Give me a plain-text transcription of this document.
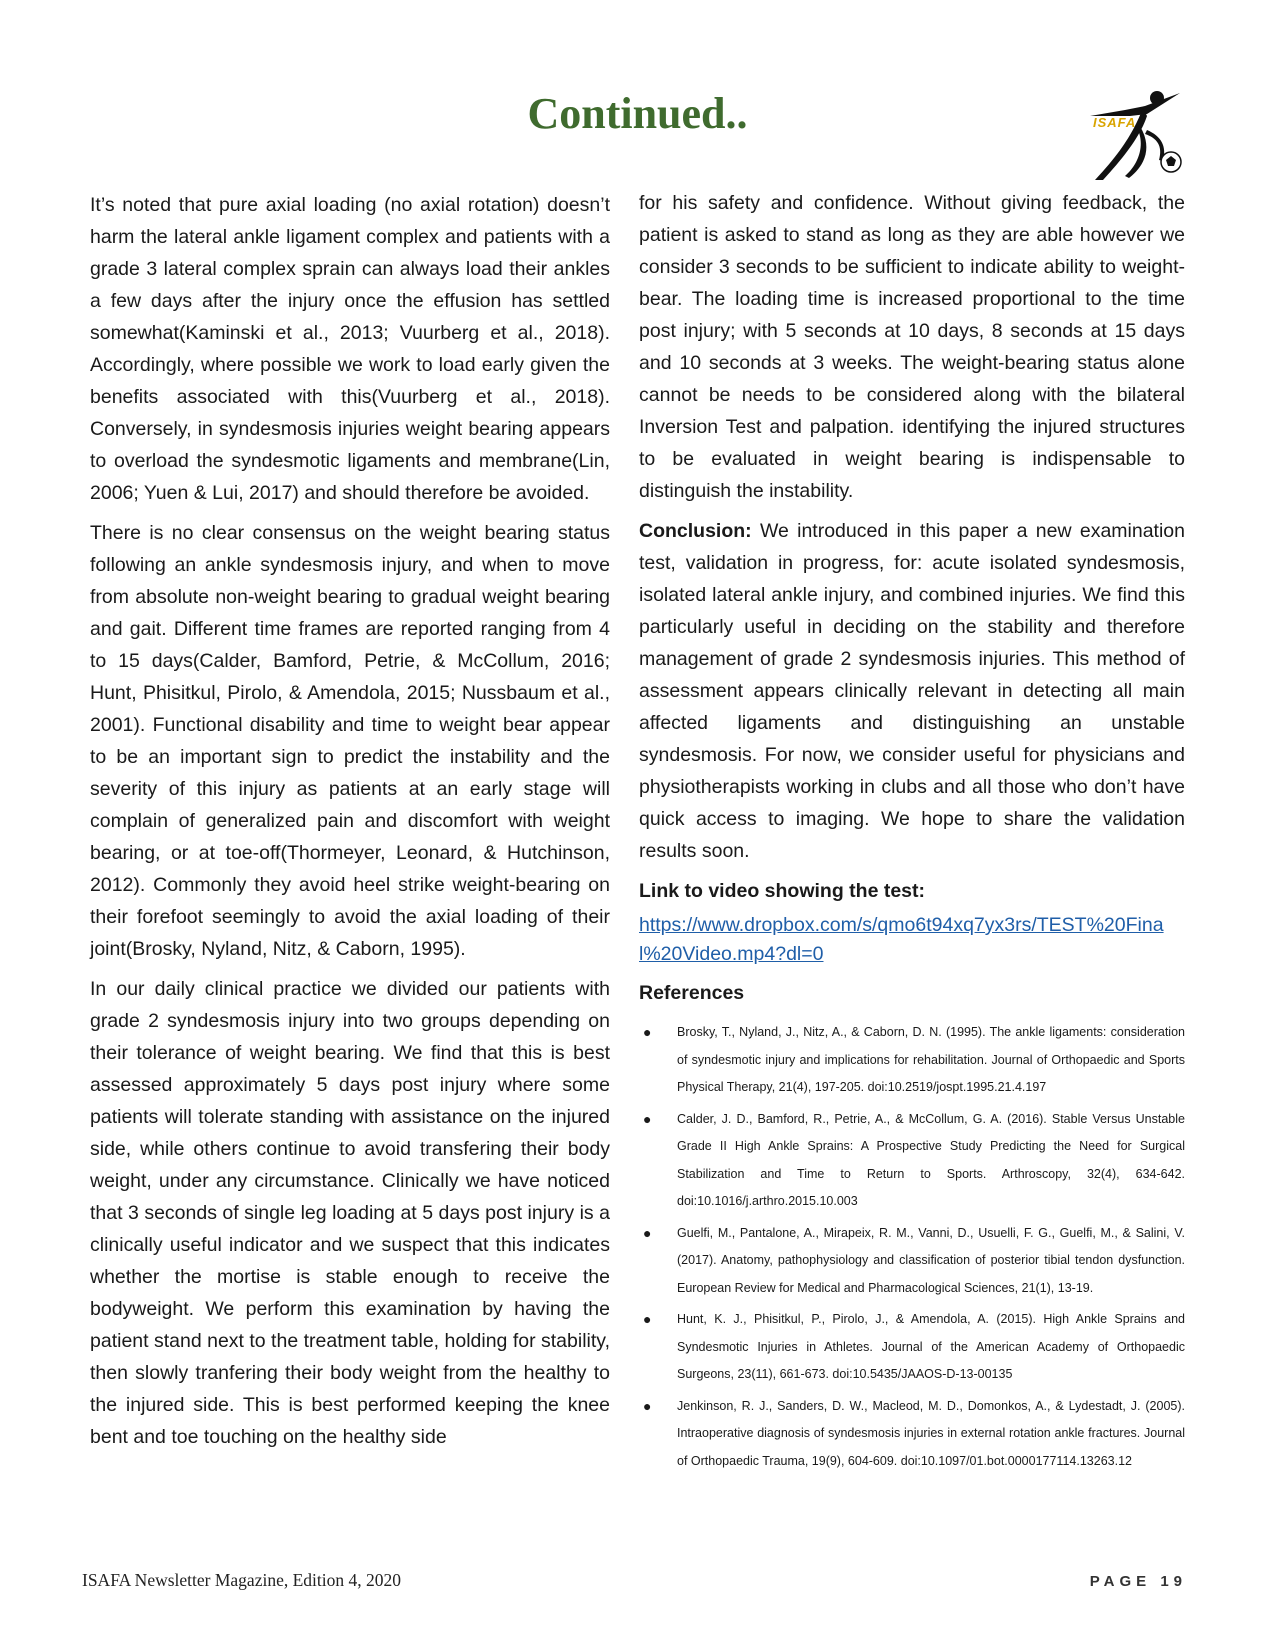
Continued..	ISAFA

It’s noted that pure axial loading (no axial rotation) doesn’t harm the lateral ankle ligament complex and patients with a grade 3 lateral complex sprain can always load their ankles a few days after the injury once the effusion has settled somewhat(Kaminski et al., 2013; Vuurberg et al., 2018). Accordingly, where possible we work to load early given the benefits associated with this(Vuurberg et al., 2018). Conversely, in syndesmosis injuries weight bearing appears to overload the syndesmotic ligaments and membrane(Lin, 2006; Yuen & Lui, 2017) and should therefore be avoided.

There is no clear consensus on the weight bearing status following an ankle syndesmosis injury, and when to move from absolute non-weight bearing to gradual weight bearing and gait. Different time frames are reported ranging from 4 to 15 days(Calder, Bamford, Petrie, & McCollum, 2016; Hunt, Phisitkul, Pirolo, & Amendola, 2015; Nussbaum et al., 2001). Functional disability and time to weight bear appear to be an important sign to predict the instability and the severity of this injury as patients at an early stage will complain of generalized pain and discomfort with weight bearing, or at toe-off(Thormeyer, Leonard, & Hutchinson, 2012). Commonly they avoid heel strike weight-bearing on their forefoot seemingly to avoid the axial loading of their joint(Brosky, Nyland, Nitz, & Caborn, 1995).

In our daily clinical practice we divided our patients with grade 2 syndesmosis injury into two groups depending on their tolerance of weight bearing. We find that this is best assessed approximately 5 days post injury where some patients will tolerate standing with assistance on the injured side, while others continue to avoid transfering their body weight, under any circumstance. Clinically we have noticed that 3 seconds of single leg loading at 5 days post injury is a clinically useful indicator and we suspect that this indicates whether the mortise is stable enough to receive the bodyweight. We perform this examination by having the patient stand next to the treatment table, holding for stability, then slowly tranfering their body weight from the healthy to the injured side. This is best performed keeping the knee bent and toe touching on the healthy side

for his safety and confidence. Without giving feedback, the patient is asked to stand as long as they are able however we consider 3 seconds to be sufficient to indicate ability to weight-bear. The loading time is increased proportional to the time post injury; with 5 seconds at 10 days, 8 seconds at 15 days and 10 seconds at 3 weeks. The weight-bearing status alone cannot be needs to be considered along with the bilateral Inversion Test and palpation. identifying the injured structures to be evaluated in weight bearing is indispensable to distinguish the instability.

Conclusion: We introduced in this paper a new examination test, validation in progress, for: acute isolated syndesmosis, isolated lateral ankle injury, and combined injuries. We find this particularly useful in deciding on the stability and therefore management of grade 2 syndesmosis injuries. This method of assessment appears clinically relevant in detecting all main affected ligaments and distinguishing an unstable syndesmosis. For now, we consider useful for physicians and physiotherapists working in clubs and all those who don’t have quick access to imaging. We hope to share the validation results soon.

Link to video showing the test:
https://www.dropbox.com/s/qmo6t94xq7yx3rs/TEST%20Final%20Video.mp4?dl=0
References
● Brosky, T., Nyland, J., Nitz, A., & Caborn, D. N. (1995). The ankle ligaments: consideration of syndesmotic injury and implications for rehabilitation. Journal of Orthopaedic and Sports Physical Therapy, 21(4), 197-205. doi:10.2519/jospt.1995.21.4.197
● Calder, J. D., Bamford, R., Petrie, A., & McCollum, G. A. (2016). Stable Versus Unstable Grade II High Ankle Sprains: A Prospective Study Predicting the Need for Surgical Stabilization and Time to Return to Sports. Arthroscopy, 32(4), 634-642. doi:10.1016/j.arthro.2015.10.003
● Guelfi, M., Pantalone, A., Mirapeix, R. M., Vanni, D., Usuelli, F. G., Guelfi, M., & Salini, V. (2017). Anatomy, pathophysiology and classification of posterior tibial tendon dysfunction. European Review for Medical and Pharmacological Sciences, 21(1), 13-19.
● Hunt, K. J., Phisitkul, P., Pirolo, J., & Amendola, A. (2015). High Ankle Sprains and Syndesmotic Injuries in Athletes. Journal of the American Academy of Orthopaedic Surgeons, 23(11), 661-673. doi:10.5435/JAAOS-D-13-00135
● Jenkinson, R. J., Sanders, D. W., Macleod, M. D., Domonkos, A., & Lydestadt, J. (2005). Intraoperative diagnosis of syndesmosis injuries in external rotation ankle fractures. Journal of Orthopaedic Trauma, 19(9), 604-609. doi:10.1097/01.bot.0000177114.13263.12
ISAFA Newsletter Magazine, Edition 4, 2020	PAGE 19
